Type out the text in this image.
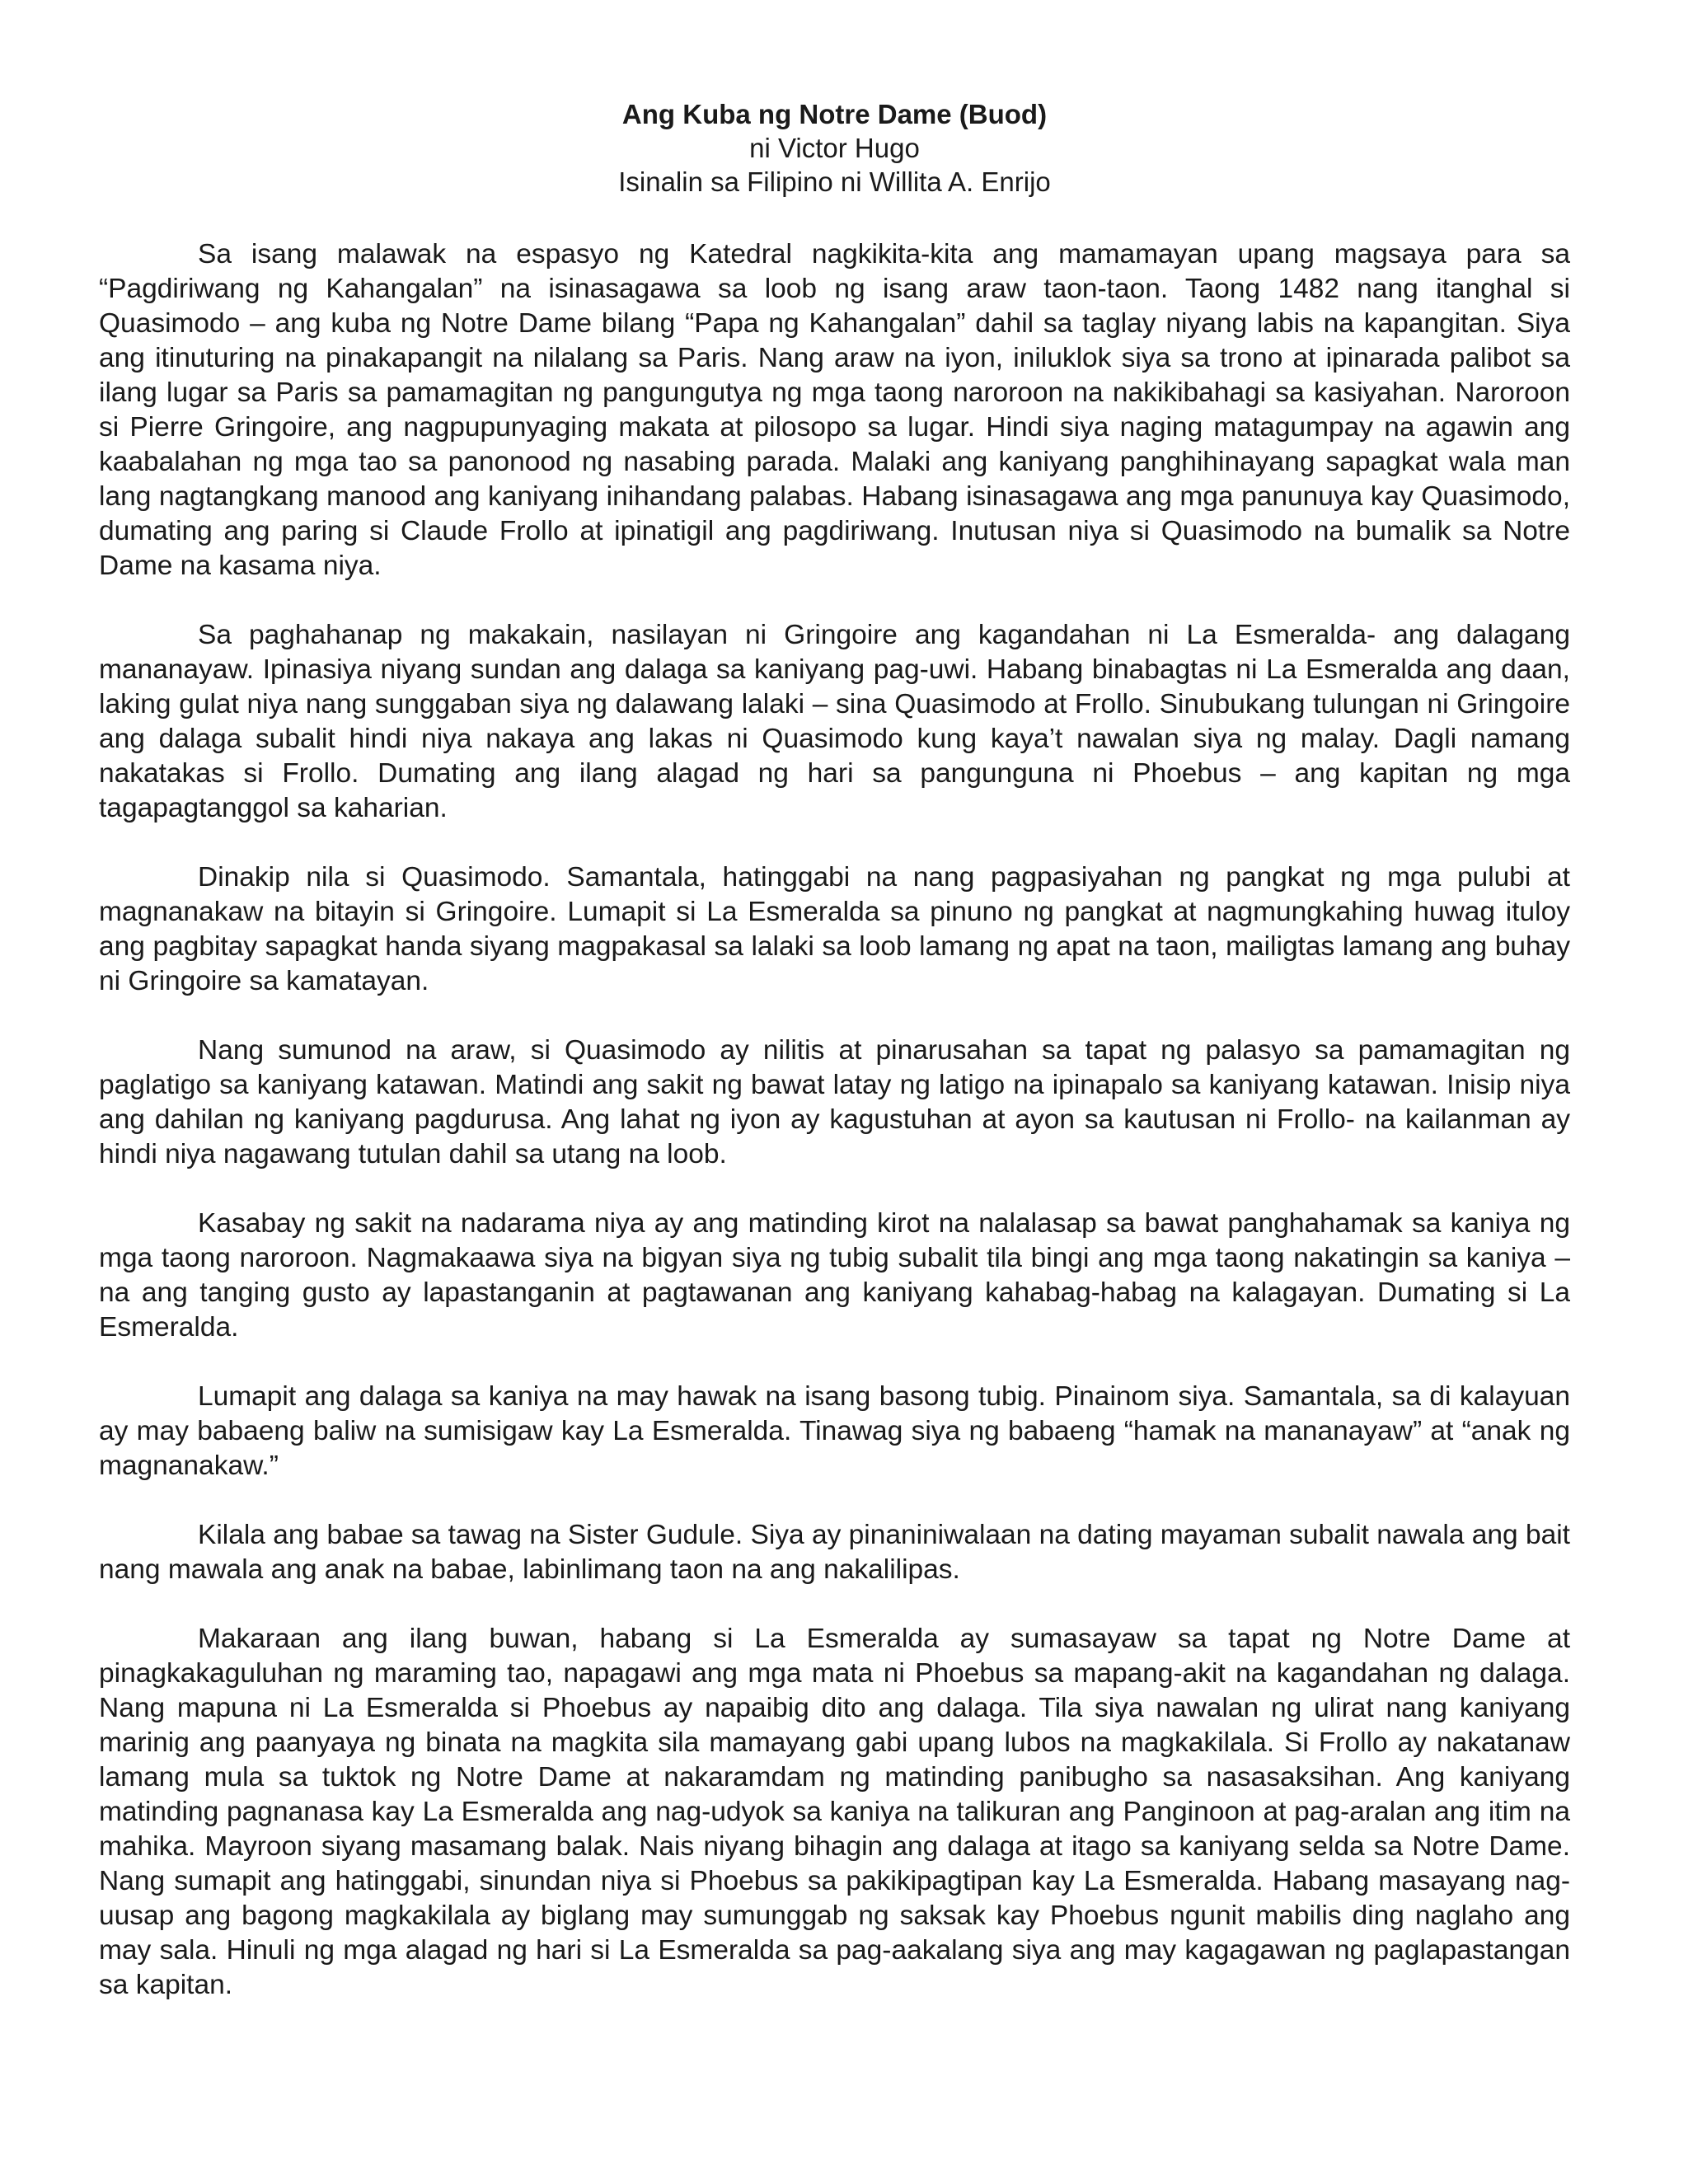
Ang Kuba ng Notre Dame (Buod)
ni Victor Hugo
Isinalin sa Filipino ni Willita A. Enrijo

Sa isang malawak na espasyo ng Katedral nagkikita-kita ang mamamayan upang magsaya para sa “Pagdiriwang ng Kahangalan” na isinasagawa sa loob ng isang araw taon-taon. Taong 1482 nang itanghal si Quasimodo – ang kuba ng Notre Dame bilang “Papa ng Kahangalan” dahil sa taglay niyang labis na kapangitan. Siya ang itinuturing na pinakapangit na nilalang sa Paris. Nang araw na iyon, iniluklok siya sa trono at ipinarada palibot sa ilang lugar sa Paris sa pamamagitan ng pangungutya ng mga taong naroroon na nakikibahagi sa kasiyahan. Naroroon si Pierre Gringoire, ang nagpupunyaging makata at pilosopo sa lugar. Hindi siya naging matagumpay na agawin ang kaabalahan ng mga tao sa panonood ng nasabing parada. Malaki ang kaniyang panghihinayang sapagkat wala man lang nagtangkang manood ang kaniyang inihandang palabas. Habang isinasagawa ang mga panunuya kay Quasimodo, dumating ang paring si Claude Frollo at ipinatigil ang pagdiriwang. Inutusan niya si Quasimodo na bumalik sa Notre Dame na kasama niya.

Sa paghahanap ng makakain, nasilayan ni Gringoire ang kagandahan ni La Esmeralda- ang dalagang mananayaw. Ipinasiya niyang sundan ang dalaga sa kaniyang pag-uwi. Habang binabagtas ni La Esmeralda ang daan, laking gulat niya nang sunggaban siya ng dalawang lalaki – sina Quasimodo at Frollo. Sinubukang tulungan ni Gringoire ang dalaga subalit hindi niya nakaya ang lakas ni Quasimodo kung kaya’t nawalan siya ng malay. Dagli namang nakatakas si Frollo. Dumating ang ilang alagad ng hari sa pangunguna ni Phoebus – ang kapitan ng mga tagapagtanggol sa kaharian.

Dinakip nila si Quasimodo. Samantala, hatinggabi na nang pagpasiyahan ng pangkat ng mga pulubi at magnanakaw na bitayin si Gringoire. Lumapit si La Esmeralda sa pinuno ng pangkat at nagmungkahing huwag ituloy ang pagbitay sapagkat handa siyang magpakasal sa lalaki sa loob lamang ng apat na taon, mailigtas lamang ang buhay ni Gringoire sa kamatayan.

Nang sumunod na araw, si Quasimodo ay nilitis at pinarusahan sa tapat ng palasyo sa pamamagitan ng paglatigo sa kaniyang katawan. Matindi ang sakit ng bawat latay ng latigo na ipinapalo sa kaniyang katawan. Inisip niya ang dahilan ng kaniyang pagdurusa. Ang lahat ng iyon ay kagustuhan at ayon sa kautusan ni Frollo- na kailanman ay hindi niya nagawang tutulan dahil sa utang na loob.

Kasabay ng sakit na nadarama niya ay ang matinding kirot na nalalasap sa bawat panghahamak sa kaniya ng mga taong naroroon. Nagmakaawa siya na bigyan siya ng tubig subalit tila bingi ang mga taong nakatingin sa kaniya – na ang tanging gusto ay lapastanganin at pagtawanan ang kaniyang kahabag-habag na kalagayan. Dumating si La Esmeralda.

Lumapit ang dalaga sa kaniya na may hawak na isang basong tubig. Pinainom siya. Samantala, sa di kalayuan ay may babaeng baliw na sumisigaw kay La Esmeralda. Tinawag siya ng babaeng “hamak na mananayaw” at “anak ng magnanakaw.”

Kilala ang babae sa tawag na Sister Gudule. Siya ay pinaniniwalaan na dating mayaman subalit nawala ang bait nang mawala ang anak na babae, labinlimang taon na ang nakalilipas.

Makaraan ang ilang buwan, habang si La Esmeralda ay sumasayaw sa tapat ng Notre Dame at pinagkakaguluhan ng maraming tao, napagawi ang mga mata ni Phoebus sa mapang-akit na kagandahan ng dalaga. Nang mapuna ni La Esmeralda si Phoebus ay napaibig dito ang dalaga. Tila siya nawalan ng ulirat nang kaniyang marinig ang paanyaya ng binata na magkita sila mamayang gabi upang lubos na magkakilala. Si Frollo ay nakatanaw lamang mula sa tuktok ng Notre Dame at nakaramdam ng matinding panibugho sa nasasaksihan. Ang kaniyang matinding pagnanasa kay La Esmeralda ang nag-udyok sa kaniya na talikuran ang Panginoon at pag-aralan ang itim na mahika. Mayroon siyang masamang balak. Nais niyang bihagin ang dalaga at itago sa kaniyang selda sa Notre Dame. Nang sumapit ang hatinggabi, sinundan niya si Phoebus sa pakikipagtipan kay La Esmeralda. Habang masayang nag-uusap ang bagong magkakilala ay biglang may sumunggab ng saksak kay Phoebus ngunit mabilis ding naglaho ang may sala. Hinuli ng mga alagad ng hari si La Esmeralda sa pag-aakalang siya ang may kagagawan ng paglapastangan sa kapitan.
